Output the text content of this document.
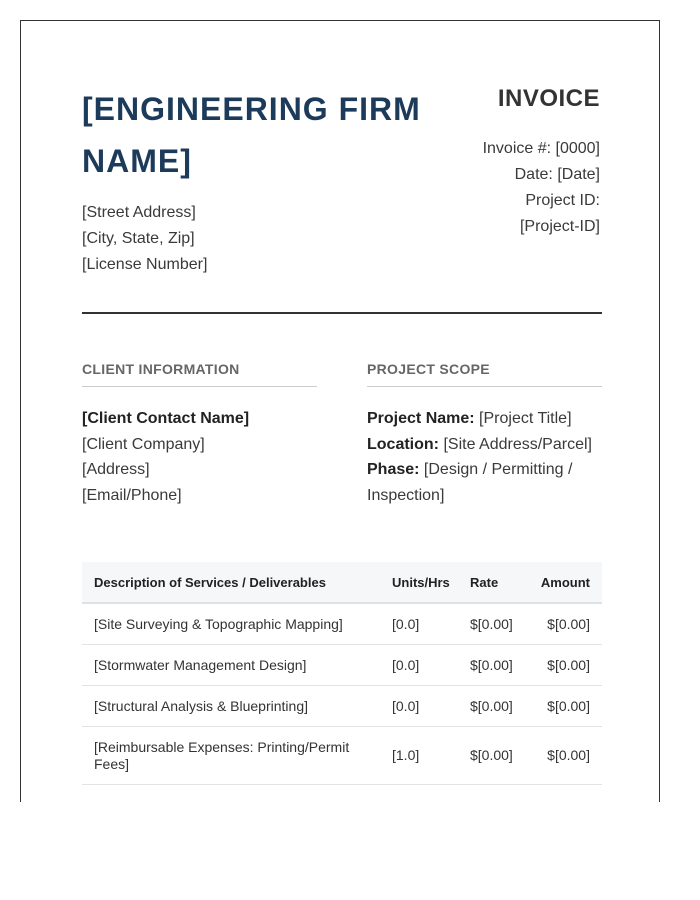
[ENGINEERING FIRM NAME]
[Street Address]
[City, State, Zip]
[License Number]
INVOICE
Invoice #: [0000]
Date: [Date]
Project ID:
[Project-ID]
CLIENT INFORMATION
[Client Contact Name]
[Client Company]
[Address]
[Email/Phone]
PROJECT SCOPE
Project Name: [Project Title]
Location: [Site Address/Parcel]
Phase: [Design / Permitting / Inspection]
Description of Services / Deliverables	Units/Hrs	Rate	Amount
[Site Surveying & Topographic Mapping]	[0.0]	$[0.00]	$[0.00]
[Stormwater Management Design]	[0.0]	$[0.00]	$[0.00]
[Structural Analysis & Blueprinting]	[0.0]	$[0.00]	$[0.00]
[Reimbursable Expenses: Printing/Permit Fees]	[1.0]	$[0.00]	$[0.00]
